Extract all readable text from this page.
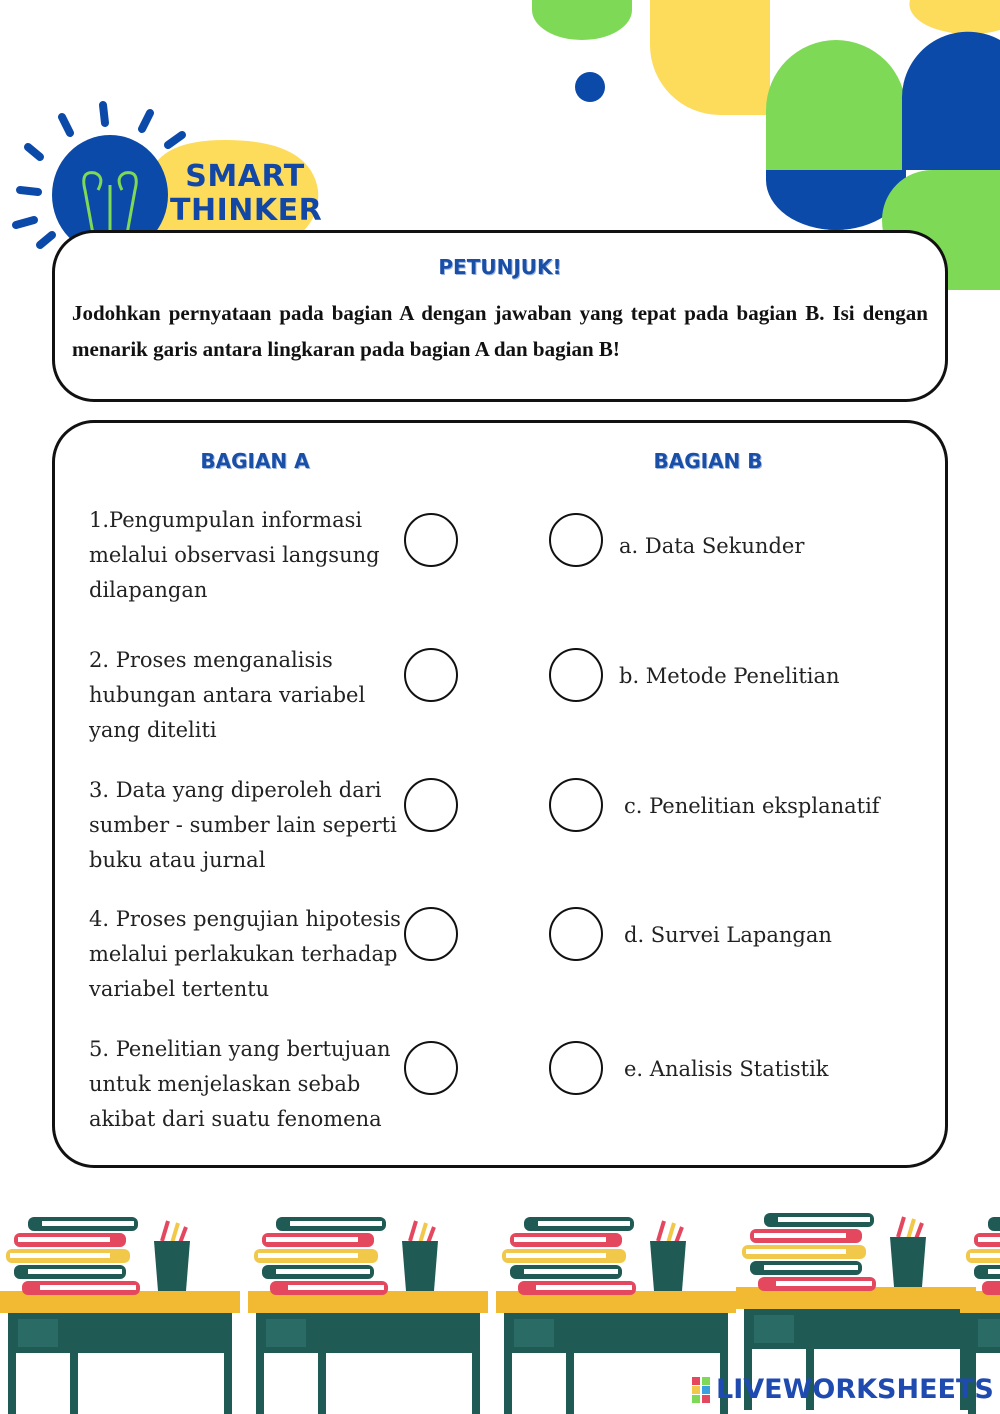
SMART
THINKER
PETUNJUK!
Jodohkan pernyataan pada bagian A dengan jawaban yang tepat pada bagian B. Isi dengan menarik garis antara lingkaran pada bagian A dan bagian B!
BAGIAN A	BAGIAN B
1.Pengumpulan informasi melalui observasi langsung dilapangan
2. Proses menganalisis hubungan antara variabel yang diteliti
3. Data yang diperoleh dari sumber - sumber lain seperti buku atau jurnal
4. Proses pengujian hipotesis melalui perlakukan terhadap variabel tertentu
5. Penelitian yang bertujuan untuk menjelaskan sebab akibat dari suatu fenomena
a. Data Sekunder
b. Metode Penelitian
c. Penelitian eksplanatif
d. Survei Lapangan
e. Analisis Statistik
LIVEWORKSHEETS
